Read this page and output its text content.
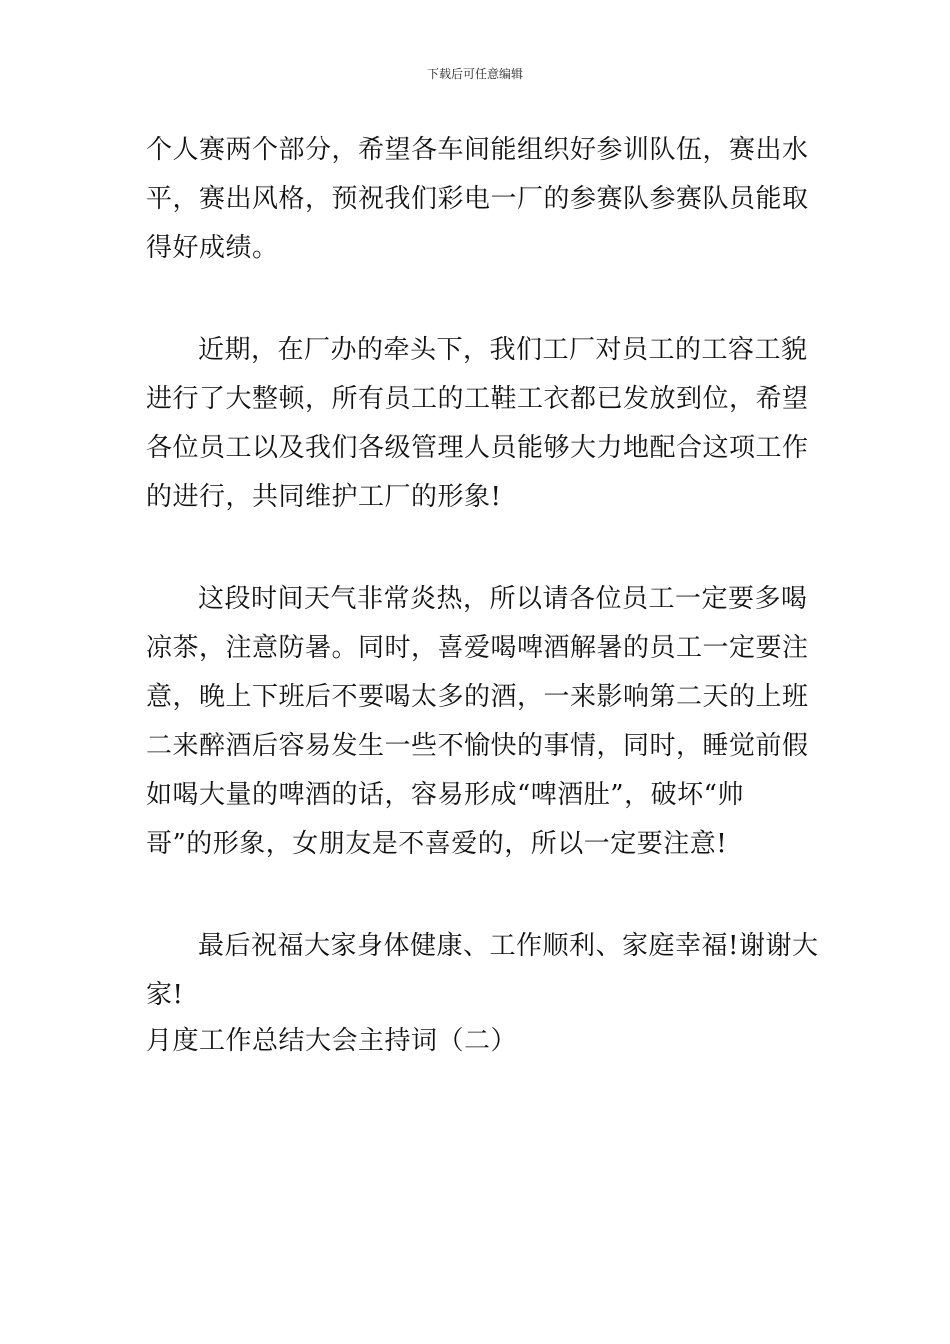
下载后可任意编辑
个人赛两个部分，希望各车间能组织好参训队伍，赛出水
平，赛出风格，预祝我们彩电一厂的参赛队参赛队员能取
得好成绩。
近期，在厂办的牵头下，我们工厂对员工的工容工貌
进行了大整顿，所有员工的工鞋工衣都已发放到位，希望
各位员工以及我们各级管理人员能够大力地配合这项工作
的进行，共同维护工厂的形象!
这段时间天气非常炎热，所以请各位员工一定要多喝
凉茶，注意防暑。同时，喜爱喝啤酒解暑的员工一定要注
意，晚上下班后不要喝太多的酒，一来影响第二天的上班
二来醉酒后容易发生一些不愉快的事情，同时，睡觉前假
如喝大量的啤酒的话，容易形成“啤酒肚”，破坏“帅
哥”的形象，女朋友是不喜爱的，所以一定要注意!
最后祝福大家身体健康、工作顺利、家庭幸福!谢谢大
家!
月度工作总结大会主持词（二）
